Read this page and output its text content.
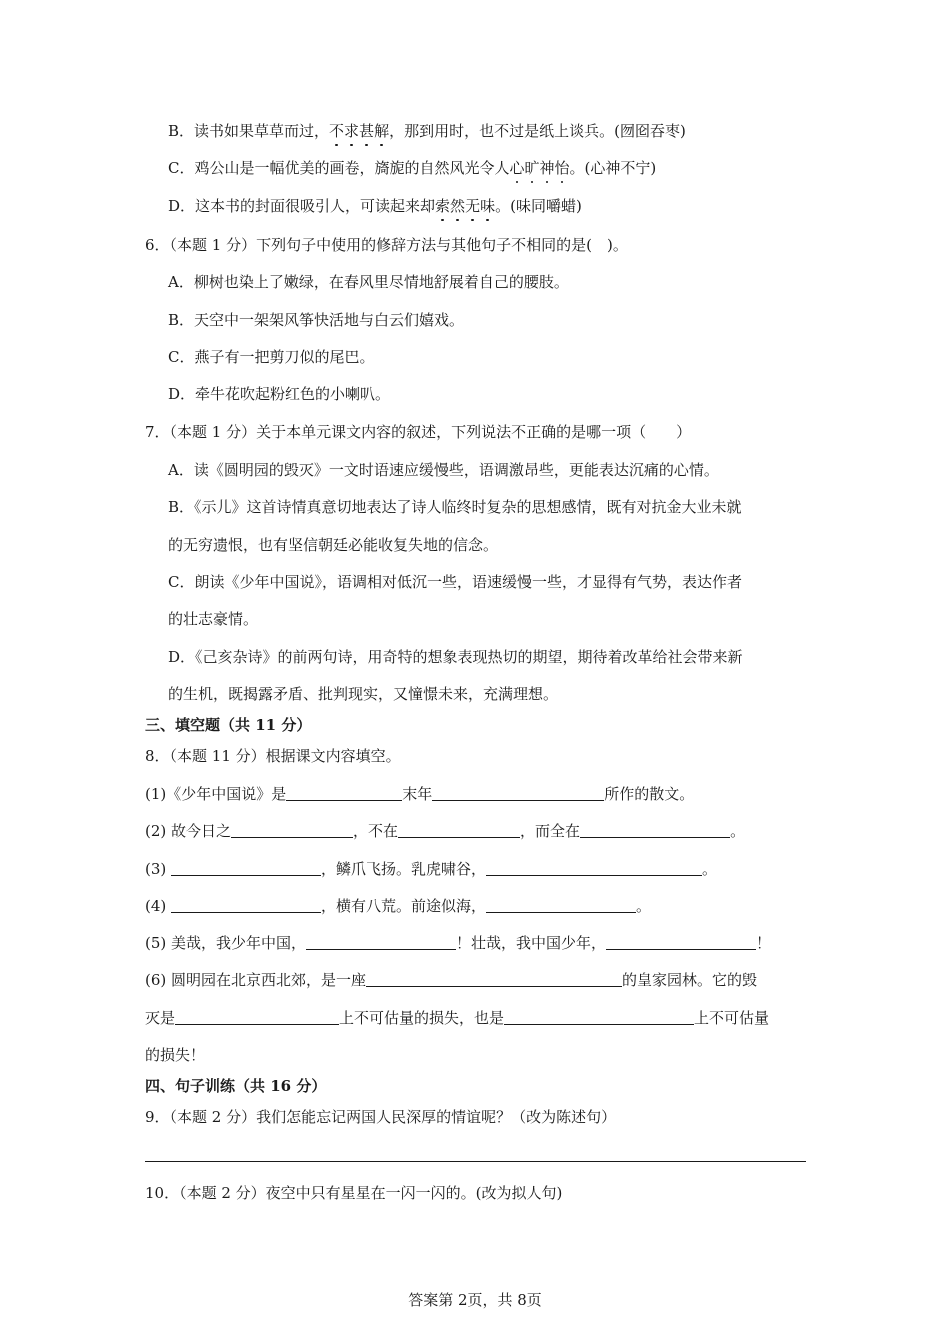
B．读书如果草草而过，不求甚解，那到用时，也不过是纸上谈兵。(囫囵吞枣)
C．鸡公山是一幅优美的画卷，旖旎的自然风光令人心旷神怡。(心神不宁)
D．这本书的封面很吸引人，可读起来却索然无味。(味同嚼蜡)
6．（本题 1 分）下列句子中使用的修辞方法与其他句子不相同的是(　)。
A．柳树也染上了嫩绿，在春风里尽情地舒展着自己的腰肢。
B．天空中一架架风筝快活地与白云们嬉戏。
C．燕子有一把剪刀似的尾巴。
D．牵牛花吹起粉红色的小喇叭。
7．（本题 1 分）关于本单元课文内容的叙述，下列说法不正确的是哪一项（　　）
A．读《圆明园的毁灭》一文时语速应缓慢些，语调激昂些，更能表达沉痛的心情。
B．《示儿》这首诗情真意切地表达了诗人临终时复杂的思想感情，既有对抗金大业未就
的无穷遗恨，也有坚信朝廷必能收复失地的信念。
C．朗读《少年中国说》，语调相对低沉一些，语速缓慢一些，才显得有气势，表达作者
的壮志豪情。
D．《己亥杂诗》的前两句诗，用奇特的想象表现热切的期望，期待着改革给社会带来新
的生机，既揭露矛盾、批判现实，又憧憬未来，充满理想。
三、填空题（共 11 分）
8．（本题 11 分）根据课文内容填空。
(1)《少年中国说》是	末年	所作的散文。
(2) 故今日之	，不在	，而全在	。
(3)	，鳞爪飞扬。乳虎啸谷，	。
(4)	，横有八荒。前途似海，	。
(5) 美哉，我少年中国，	！壮哉，我中国少年，	！
(6) 圆明园在北京西北郊，是一座	的皇家园林。它的毁
灭是	上不可估量的损失，也是	上不可估量
的损失！
四、句子训练（共 16 分）
9．（本题 2 分）我们怎能忘记两国人民深厚的情谊呢？（改为陈述句）
10．（本题 2 分）夜空中只有星星在一闪一闪的。(改为拟人句)
答案第 2页，共 8页
